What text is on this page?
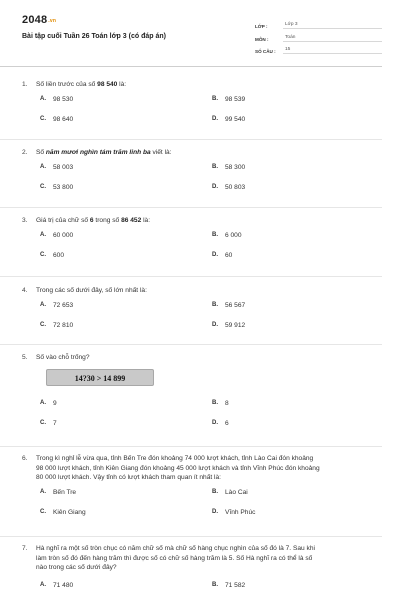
2048.vn
Bài tập cuối Tuần 26 Toán lớp 3 (có đáp án)
LỚP :	Lớp 3
MÔN :	Toán
SỐ CÂU :	15
1.	Số liền trước của số 98 540 là:
A.	98 530	B.	98 539
C.	98 640	D.	99 540
2.	Số năm mươi nghìn tám trăm linh ba viết là:
A.	58 003	B.	58 300
C.	53 800	D.	50 803
3.	Giá trị của chữ số 6 trong số 86 452 là:
A.	60 000	B.	6 000
C.	600	D.	60
4.	Trong các số dưới đây, số lớn nhất là:
A.	72 653	B.	56 567
C.	72 810	D.	59 912
5.	Số vào chỗ trống?
14?30 > 14 899
A.	9	B.	8
C.	7	D.	6
6.	Trong kì nghỉ lễ vừa qua, tỉnh Bến Tre đón khoảng 74 000 lượt khách, tỉnh Lào Cai đón khoảng
98 000 lượt khách, tỉnh Kiên Giang đón khoảng 45 000 lượt khách và tỉnh Vĩnh Phúc đón khoảng
80 000 lượt khách. Vậy tỉnh có lượt khách tham quan ít nhất là:
A.	Bến Tre	B.	Lào Cai
C.	Kiên Giang	D.	Vĩnh Phúc
7.	Hà nghĩ ra một số tròn chục có năm chữ số mà chữ số hàng chục nghìn của số đó là 7. Sau khi
làm tròn số đó đến hàng trăm thì được số có chữ số hàng trăm là 5. Số Hà nghĩ ra có thể là số
nào trong các số dưới đây?
A.	71 480	B.	71 582
